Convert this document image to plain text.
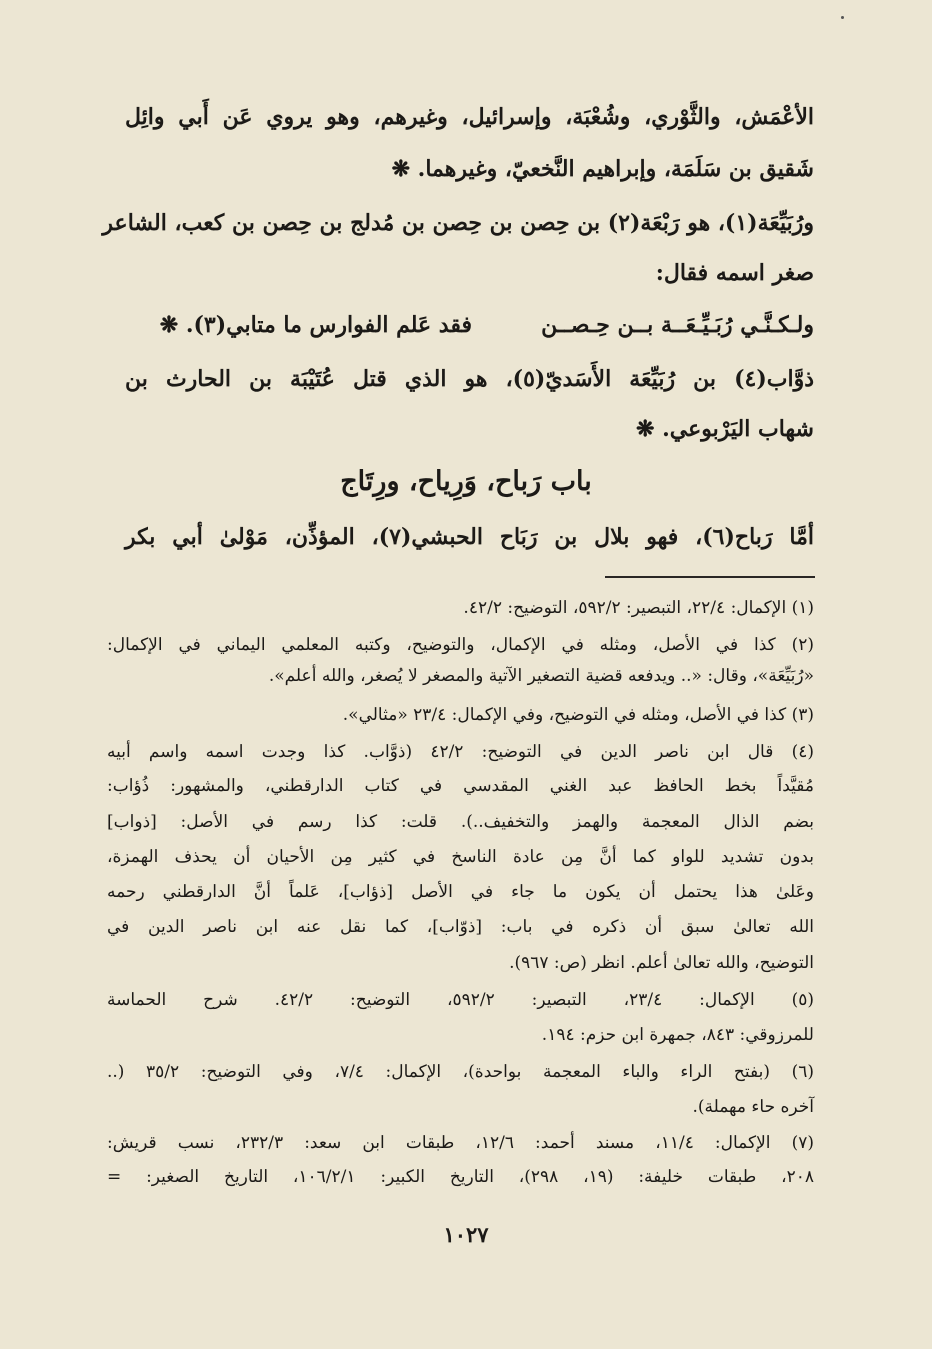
الأعْمَش، والثَّوْري، وشُعْبَة، وإسرائيل، وغيرهم، وهو يروي عَن أَبي وائِل
شَقيق بن سَلَمَة، وإبراهيم النَّخعيّ، وغيرهما. ❋
ورُبَيِّعَة(١)، هو رَبْعَة(٢) بن حِصن بن حِصن بن مُدلج بن حِصن بن كعب، الشاعر
صغر اسمه فقال:
ولـكـنَّـي رُبَـيِّـعَــة بــن حِـصــن
فقد عَلم الفوارس ما متابي(٣). ❋
ذوَّاب(٤) بن رُبَيِّعَة الأَسَديّ(٥)، هو الذي قتل عُتَيْبَة بن الحارث بن
شهاب اليَرْبوعي. ❋
باب رَباح، وَرِياح، ورِتَاج
أمَّا رَباح(٦)، فهو بلال بن رَبَاح الحبشي(٧)، المؤذِّن، مَوْلىٰ أبي بكر
(١) الإكمال: ٢٢/٤، التبصير: ٥٩٢/٢، التوضيح: ٤٢/٢.
(٢) كذا في الأصل، ومثله في الإكمال، والتوضيح، وكتبه المعلمي اليماني في الإكمال:
«رُبَيِّعَة»، وقال: «.. ويدفعه قضية التصغير الآتية والمصغر لا يُصغر، والله أعلم».
(٣) كذا في الأصل، ومثله في التوضيح، وفي الإكمال: ٢٣/٤ «مثالي».
(٤) قال ابن ناصر الدين في التوضيح: ٤٢/٢ (ذوَّاب. كذا وجدت اسمه واسم أبيه
مُقيَّداً بخط الحافظ عبد الغني المقدسي في كتاب الدارقطني، والمشهور: ذُؤاب:
بضم الذال المعجمة والهمز والتخفيف..). قلت: كذا رسم في الأصل: [ذواب]
بدون تشديد للواو كما أنَّ مِن عادة الناسخ في كثير مِن الأحيان أن يحذف الهمزة،
وعَلىٰ هذا يحتمل أن يكون ما جاء في الأصل [ذؤاب]، عَلماً أنَّ الدارقطني رحمه
الله تعالىٰ سبق أن ذكره في باب: [ذوّاب]، كما نقل عنه ابن ناصر الدين في
التوضيح، والله تعالىٰ أعلم. انظر (ص: ٩٦٧).
(٥) الإكمال: ٢٣/٤، التبصير: ٥٩٢/٢، التوضيح: ٤٢/٢. شرح الحماسة
للمرزوقي: ٨٤٣، جمهرة ابن حزم: ١٩٤.
(٦) (بفتح الراء والباء المعجمة بواحدة)، الإكمال: ٧/٤، وفي التوضيح: ٣٥/٢ (..
آخره حاء مهملة).
(٧) الإكمال: ١١/٤، مسند أحمد: ١٢/٦، طبقات ابن سعد: ٢٣٢/٣، نسب قريش:
٢٠٨، طبقات خليفة: (١٩، ٢٩٨)، التاريخ الكبير: ١٠٦/٢/١، التاريخ الصغير: =
١٠٢٧
